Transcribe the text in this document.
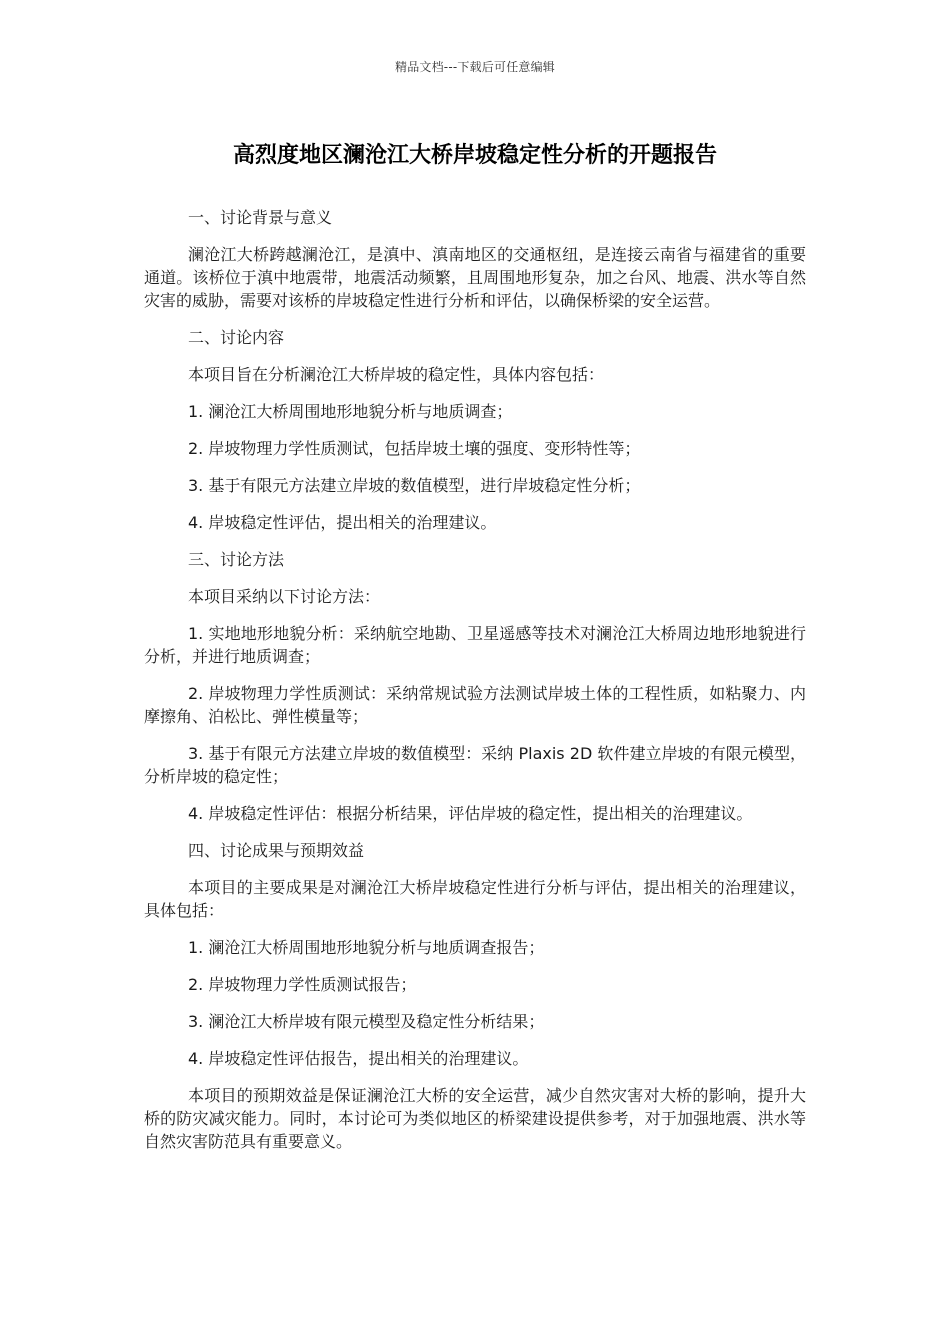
精品文档---下载后可任意编辑
高烈度地区澜沧江大桥岸坡稳定性分析的开题报告

一、讨论背景与意义

澜沧江大桥跨越澜沧江，是滇中、滇南地区的交通枢纽，是连接云南省与福建省的重要通道。该桥位于滇中地震带，地震活动频繁，且周围地形复杂，加之台风、地震、洪水等自然灾害的威胁，需要对该桥的岸坡稳定性进行分析和评估，以确保桥梁的安全运营。

二、讨论内容

本项目旨在分析澜沧江大桥岸坡的稳定性，具体内容包括：

1. 澜沧江大桥周围地形地貌分析与地质调查；

2. 岸坡物理力学性质测试，包括岸坡土壤的强度、变形特性等；

3. 基于有限元方法建立岸坡的数值模型，进行岸坡稳定性分析；

4. 岸坡稳定性评估，提出相关的治理建议。

三、讨论方法

本项目采纳以下讨论方法：

1. 实地地形地貌分析：采纳航空地勘、卫星遥感等技术对澜沧江大桥周边地形地貌进行分析，并进行地质调查；

2. 岸坡物理力学性质测试：采纳常规试验方法测试岸坡土体的工程性质，如粘聚力、内摩擦角、泊松比、弹性模量等；

3. 基于有限元方法建立岸坡的数值模型：采纳 Plaxis 2D 软件建立岸坡的有限元模型，分析岸坡的稳定性；

4. 岸坡稳定性评估：根据分析结果，评估岸坡的稳定性，提出相关的治理建议。

四、讨论成果与预期效益

本项目的主要成果是对澜沧江大桥岸坡稳定性进行分析与评估，提出相关的治理建议，具体包括：

1. 澜沧江大桥周围地形地貌分析与地质调查报告；

2. 岸坡物理力学性质测试报告；

3. 澜沧江大桥岸坡有限元模型及稳定性分析结果；

4. 岸坡稳定性评估报告，提出相关的治理建议。

本项目的预期效益是保证澜沧江大桥的安全运营，减少自然灾害对大桥的影响，提升大桥的防灾减灾能力。同时，本讨论可为类似地区的桥梁建设提供参考，对于加强地震、洪水等自然灾害防范具有重要意义。
